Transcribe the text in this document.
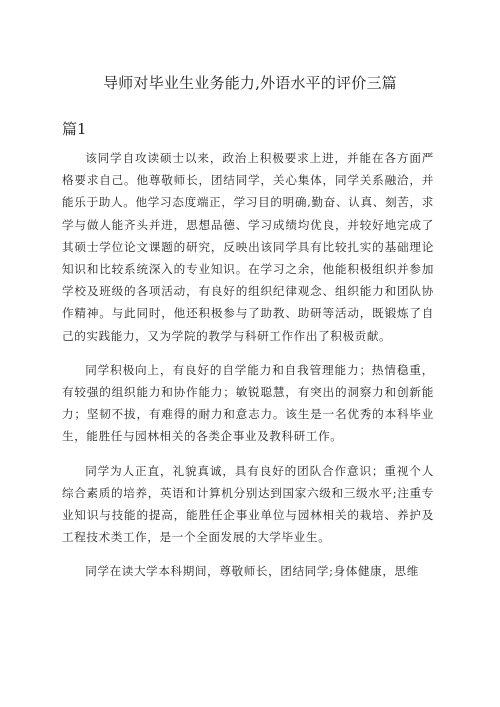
导师对毕业生业务能力,外语水平的评价三篇
篇1

该同学自攻读硕士以来，政治上积极要求上进，并能在各方面严格要求自己。他尊敬师长，团结同学，关心集体，同学关系融洽，并能乐于助人。他学习态度端正，学习目的明确,勤奋、认真、刻苦，求学与做人能齐头并进，思想品德、学习成绩均优良，并较好地完成了其硕士学位论文课题的研究，反映出该同学具有比较扎实的基础理论知识和比较系统深入的专业知识。在学习之余，他能积极组织并参加学校及班级的各项活动，有良好的组织纪律观念、组织能力和团队协作精神。与此同时，他还积极参与了助教、助研等活动，既锻炼了自己的实践能力，又为学院的教学与科研工作作出了积极贡献。

同学积极向上，有良好的自学能力和自我管理能力；热情稳重，有较强的组织能力和协作能力；敏锐聪慧，有突出的洞察力和创新能力；坚韧不拔，有难得的耐力和意志力。该生是一名优秀的本科毕业生，能胜任与园林相关的各类企事业及教科研工作。

同学为人正直，礼貌真诚，具有良好的团队合作意识；重视个人综合素质的培养，英语和计算机分别达到国家六级和三级水平;注重专业知识与技能的提高，能胜任企事业单位与园林相关的栽培、养护及工程技术类工作，是一个全面发展的大学毕业生。

同学在读大学本科期间，尊敬师长，团结同学;身体健康，思维
